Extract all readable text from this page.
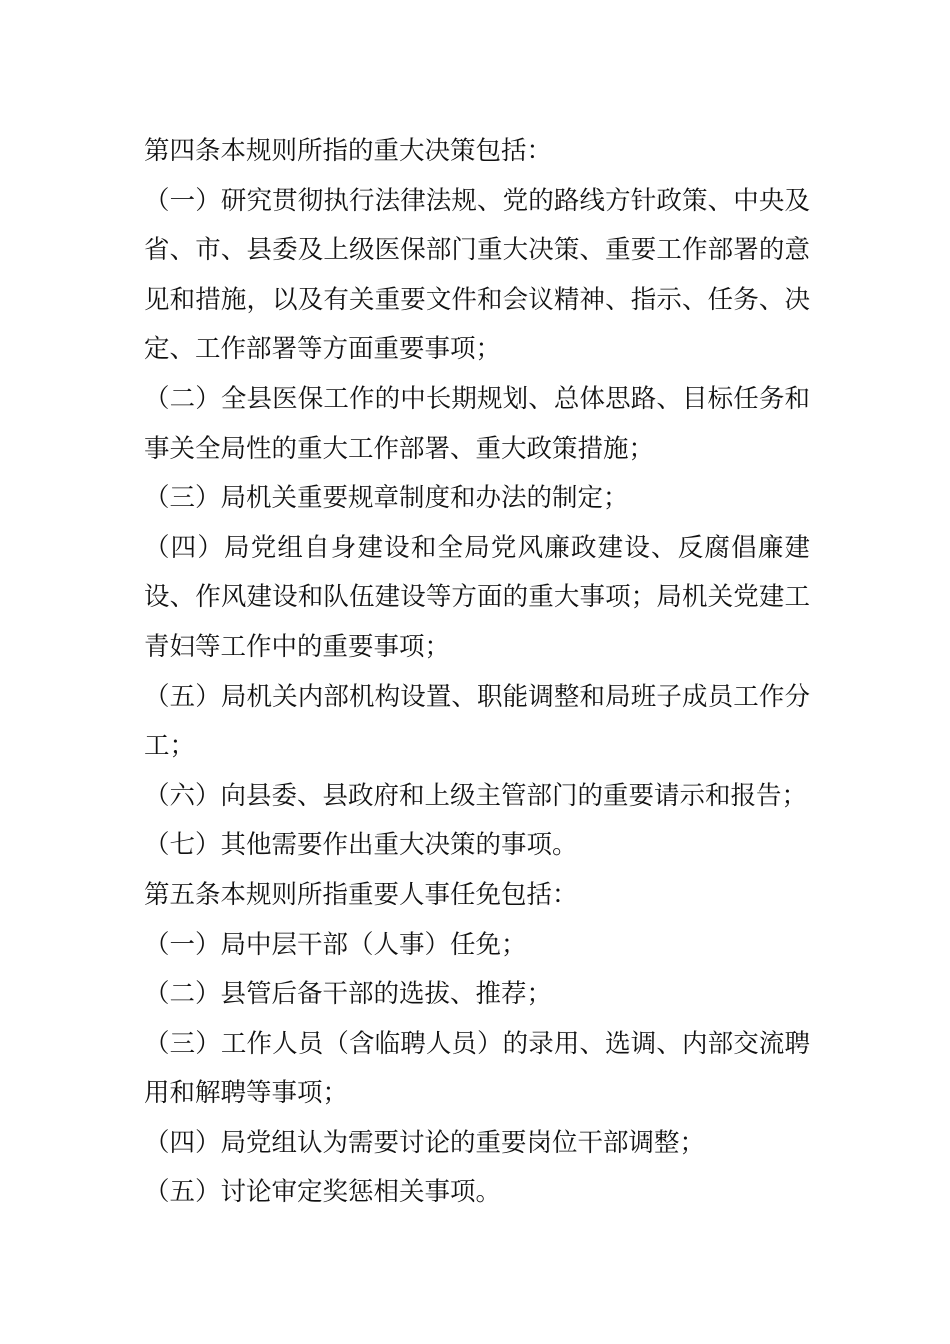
第四条本规则所指的重大决策包括：

（一）研究贯彻执行法律法规、党的路线方针政策、中央及省、市、县委及上级医保部门重大决策、重要工作部署的意见和措施，以及有关重要文件和会议精神、指示、任务、决定、工作部署等方面重要事项；

（二）全县医保工作的中长期规划、总体思路、目标任务和事关全局性的重大工作部署、重大政策措施；

（三）局机关重要规章制度和办法的制定；

（四）局党组自身建设和全局党风廉政建设、反腐倡廉建设、作风建设和队伍建设等方面的重大事项；局机关党建工青妇等工作中的重要事项；

（五）局机关内部机构设置、职能调整和局班子成员工作分工；

（六）向县委、县政府和上级主管部门的重要请示和报告；

（七）其他需要作出重大决策的事项。

第五条本规则所指重要人事任免包括：

（一）局中层干部（人事）任免；

（二）县管后备干部的选拔、推荐；

（三）工作人员（含临聘人员）的录用、选调、内部交流聘用和解聘等事项；

（四）局党组认为需要讨论的重要岗位干部调整；

（五）讨论审定奖惩相关事项。
